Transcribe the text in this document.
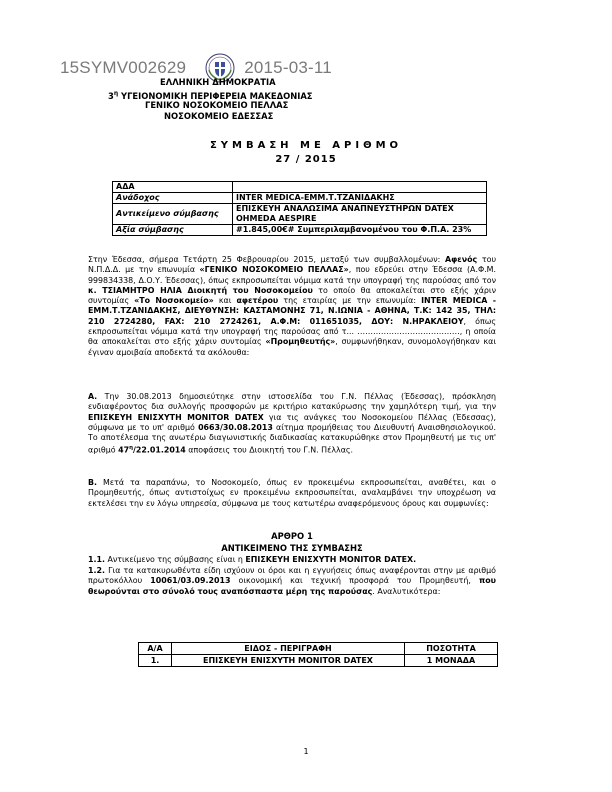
15SYMV002629	2015-03-11
ΕΛΛΗΝΙΚΗ ΔΗΜΟΚΡΑΤΙΑ
$3^\eta$ ΥΓΕΙΟΝΟΜΙΚΗ ΠΕΡΙΦΕΡΕΙΑ ΜΑΚΕΔΟΝΙΑΣ
ΓΕΝΙΚΟ ΝΟΣΟΚΟΜΕΙΟ ΠΕΛΛΑΣ
ΝΟΣΟΚΟΜΕΙΟ ΕΔΕΣΣΑΣ
ΣΥΜΒΑΣΗ ΜΕ ΑΡΙΘΜΟ
27 / 2015
ΑΔΑ	
Ανάδοχος	INTER MEDICA-ΕΜΜ.Τ.ΤΖΑΝΙΔΑΚΗΣ
Αντικείμενο σύμβασης	ΕΠΙΣΚΕΥΗ ΑΝΑΛΩΣΙΜΑ ΑΝΑΠΝΕΥΣΤΗΡΩΝ DATEX OHMEDA AESPIRE
Αξία σύμβασης	#1.845,00€# Συμπεριλαμβανομένου του Φ.Π.Α. 23%
Στην Έδεσσα, σήμερα Τετάρτη 25 Φεβρουαρίου 2015, μεταξύ των συμβαλλομένων: Αφενός του Ν.Π.Δ.Δ. με την επωνυμία «ΓΕΝΙΚΟ ΝΟΣΟΚΟΜΕΙΟ ΠΕΛΛΑΣ», που εδρεύει στην Έδεσσα (Α.Φ.Μ. 999834338, Δ.Ο.Υ. Έδεσσας), όπως εκπροσωπείται νόμιμα κατά την υπογραφή της παρούσας από τον κ. ΤΣΙΑΜΗΤΡΟ ΗΛΙΑ Διοικητή του Νοσοκομείου το οποίο θα αποκαλείται στο εξής χάριν συντομίας «Το Νοσοκομείο» και αφετέρου της εταιρίας με την επωνυμία: INTER MEDICA - ΕΜΜ.Τ.ΤΖΑΝΙΔΑΚΗΣ, ΔΙΕΥΘΥΝΣΗ: ΚΑΣΤΑΜΟΝΗΣ 71, Ν.ΙΩΝΙΑ - ΑΘΗΝΑ, Τ.Κ: 142 35, ΤΗΛ: 210 2724280, FAX: 210 2724261, Α.Φ.Μ: 011651035, ΔΟΥ: Ν.ΗΡΑΚΛΕΙΟΥ, όπως εκπροσωπείται νόμιμα κατά την υπογραφή της παρούσας από τ... …………………………………, η οποία θα αποκαλείται στο εξής χάριν συντομίας «Προμηθευτής», συμφωνήθηκαν, συνομολογήθηκαν και έγιναν αμοιβαία αποδεκτά τα ακόλουθα:
Α. Την 30.08.2013 δημοσιεύτηκε στην ιστοσελίδα του Γ.Ν. Πέλλας (Έδεσσας), πρόσκληση ενδιαφέροντος δια συλλογής προσφορών με κριτήριο κατακύρωσης την χαμηλότερη τιμή, για την ΕΠΙΣΚΕΥΗ ΕΝΙΣΧΥΤΗ MONITOR DATEX για τις ανάγκες του Νοσοκομείου Πέλλας (Έδεσσας), σύμφωνα με το υπ' αριθμό 0663/30.08.2013 αίτημα προμήθειας του Διευθυντή Αναισθησιολογικού. Το αποτέλεσμα της ανωτέρω διαγωνιστικής διαδικασίας κατακυρώθηκε στον Προμηθευτή με τις υπ' αριθμό $47^\eta/22.01.2014$ αποφάσεις του Διοικητή του Γ.Ν. Πέλλας.
Β. Μετά τα παραπάνω, το Νοσοκομείο, όπως εν προκειμένω εκπροσωπείται, αναθέτει, και ο Προμηθευτής, όπως αντιστοίχως εν προκειμένω εκπροσωπείται, αναλαμβάνει την υποχρέωση να εκτελέσει την εν λόγω υπηρεσία, σύμφωνα με τους κατωτέρω αναφερόμενους όρους και συμφωνίες:
ΑΡΘΡΟ 1
ΑΝΤΙΚΕΙΜΕΝΟ ΤΗΣ ΣΥΜΒΑΣΗΣ
1.1. Αντικείμενο της σύμβασης είναι η ΕΠΙΣΚΕΥΗ ΕΝΙΣΧΥΤΗ MONITOR DATEX.
1.2. Για τα κατακυρωθέντα είδη ισχύουν οι όροι και η εγγυήσεις όπως αναφέρονται στην με αριθμό πρωτοκόλλου 10061/03.09.2013 οικονομική και τεχνική προσφορά του Προμηθευτή, που θεωρούνται στο σύνολό τους αναπόσπαστα μέρη της παρούσας. Αναλυτικότερα:
Α/Α	ΕΙΔΟΣ - ΠΕΡΙΓΡΑΦΗ	ΠΟΣΟΤΗΤΑ
1.	ΕΠΙΣΚΕΥΗ ΕΝΙΣΧΥΤΗ MONITOR DATEX	1 ΜΟΝΑΔΑ
1
